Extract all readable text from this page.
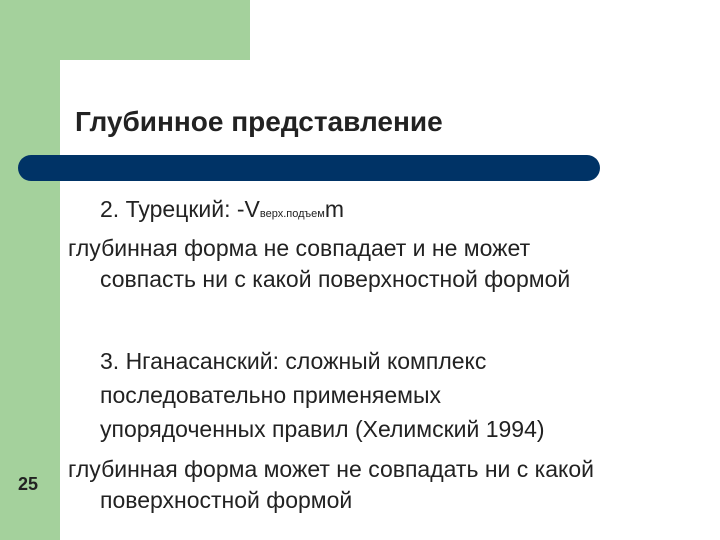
Глубинное представление
2. Турецкий: -Vверх.подъемm
глубинная форма не совпадает и не может
совпасть ни с какой поверхностной формой
3. Нганасанский: сложный комплекс
последовательно применяемых
упорядоченных правил (Хелимский 1994)
глубинная форма может не совпадать ни с какой
поверхностной формой
25
